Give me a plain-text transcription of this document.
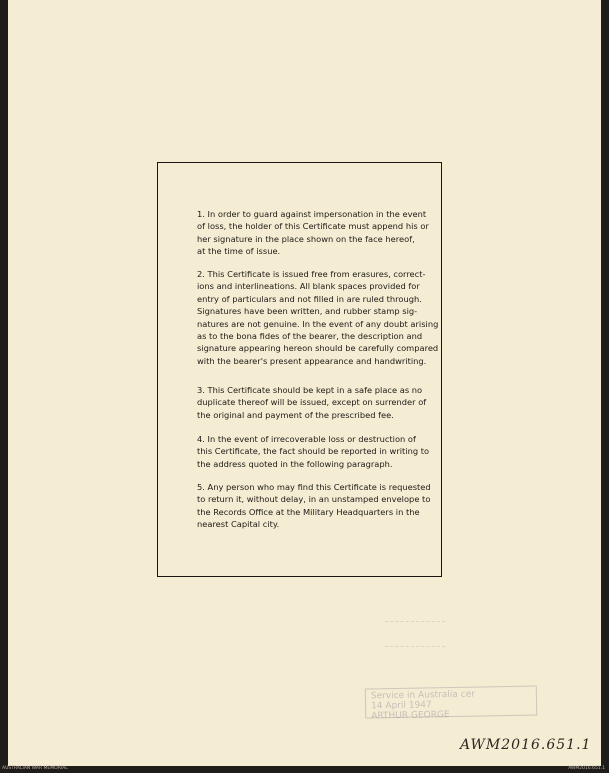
1. In order to guard against impersonation in the event
of loss, the holder of this Certificate must append his or
her signature in the place shown on the face hereof,
at the time of issue.
2. This Certificate is issued free from erasures, correct-
ions and interlineations. All blank spaces provided for
entry of particulars and not filled in are ruled through.
Signatures have been written, and rubber stamp sig-
natures are not genuine. In the event of any doubt arising
as to the bona fides of the bearer, the description and
signature appearing hereon should be carefully compared
with the bearer's present appearance and handwriting.
3. This Certificate should be kept in a safe place as no
duplicate thereof will be issued, except on surrender of
the original and payment of the prescribed fee.
4. In the event of irrecoverable loss or destruction of
this Certificate, the fact should be reported in writing to
the address quoted in the following paragraph.
5. Any person who may find this Certificate is requested
to return it, without delay, in an unstamped envelope to
the Records Office at the Military Headquarters in the
nearest Capital city.
Service in Australia cer
14 April 1947
ARTHUR GEORGE
AWM2016.651.1
AUSTRALIAN WAR MEMORIAL	AWM2016.651.1
